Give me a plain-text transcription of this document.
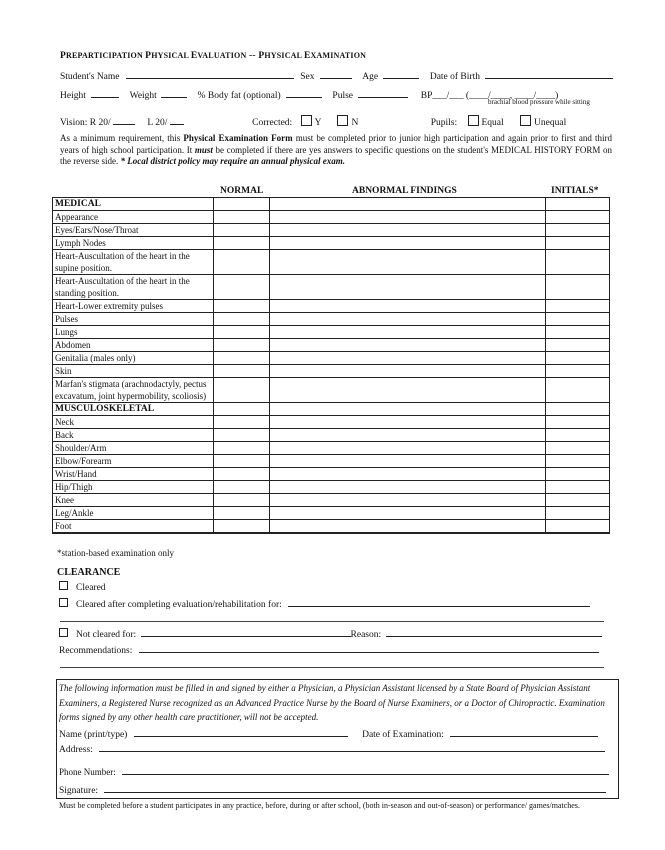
PREPARTICIPATION PHYSICAL EVALUATION -- PHYSICAL EXAMINATION
Student's Name	Sex	Age	Date of Birth
Height	Weight	% Body fat (optional)	Pulse	BP___/___ (____/____, ____/____)
brachial blood pressure while sitting
Vision: R 20/	L 20/	Corrected: Y	N	Pupils:	Equal	Unequal
As a minimum requirement, this Physical Examination Form must be completed prior to junior high participation and again prior to first and third years of high school participation. It must be completed if there are yes answers to specific questions on the student's MEDICAL HISTORY FORM on the reverse side. * Local district policy may require an annual physical exam.
NORMAL	ABNORMAL FINDINGS	INITIALS*
MEDICAL			
Appearance			
Eyes/Ears/Nose/Throat			
Lymph Nodes			
Heart-Auscultation of the heart in the supine position.			
Heart-Auscultation of the heart in the standing position.			
Heart-Lower extremity pulses			
Pulses			
Lungs			
Abdomen			
Genitalia (males only)			
Skin			
Marfan's stigmata (arachnodactyly, pectus excavatum, joint hypermobility, scoliosis)			
MUSCULOSKELETAL			
Neck			
Back			
Shoulder/Arm			
Elbow/Forearm			
Wrist/Hand			
Hip/Thigh			
Knee			
Leg/Ankle			
Foot			

*station-based examination only
CLEARANCE
Cleared
Cleared after completing evaluation/rehabilitation for:
Not cleared for:	Reason:
Recommendations:
The following information must be filled in and signed by either a Physician, a Physician Assistant licensed by a State Board of Physician Assistant Examiners, a Registered Nurse recognized as an Advanced Practice Nurse by the Board of Nurse Examiners, or a Doctor of Chiropractic. Examination forms signed by any other health care practitioner, will not be accepted.
Name (print/type)	Date of Examination:
Address:
Phone Number:
Signature:
Must be completed before a student participates in any practice, before, during or after school, (both in-season and out-of-season) or performance/ games/matches.
